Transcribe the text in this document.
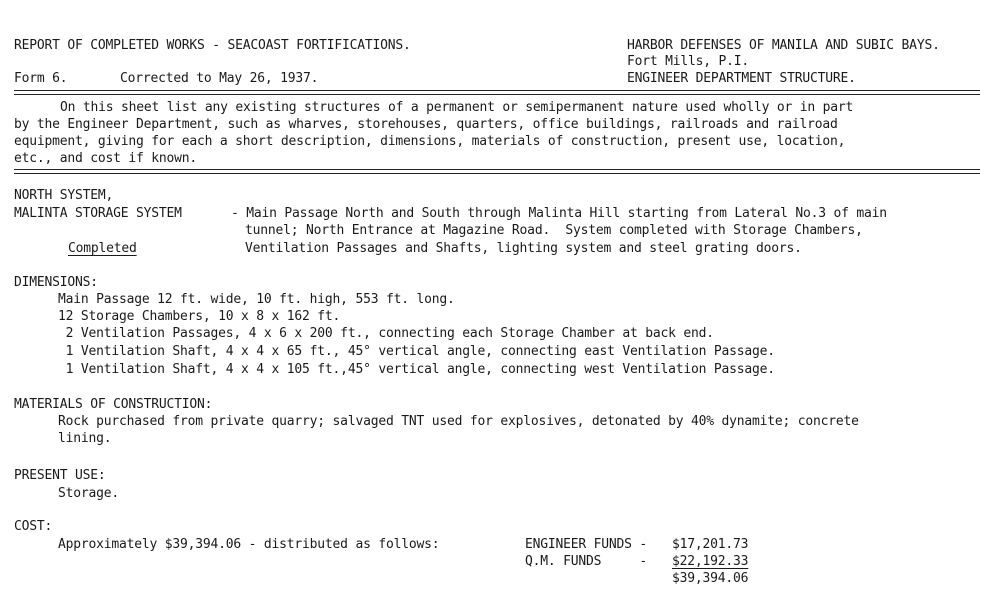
REPORT OF COMPLETED WORKS - SEACOAST FORTIFICATIONS.
Form 6.	Corrected to May 26, 1937.
HARBOR DEFENSES OF MANILA AND SUBIC BAYS.
Fort Mills, P.I.
ENGINEER DEPARTMENT STRUCTURE.
On this sheet list any existing structures of a permanent or semipermanent nature used wholly or in part
by the Engineer Department, such as wharves, storehouses, quarters, office buildings, railroads and railroad
equipment, giving for each a short description, dimensions, materials of construction, present use, location,
etc., and cost if known.
NORTH SYSTEM,
MALINTA STORAGE SYSTEM	- Main Passage North and South through Malinta Hill starting from Lateral No.3 of main
tunnel; North Entrance at Magazine Road.  System completed with Storage Chambers,
Ventilation Passages and Shafts, lighting system and steel grating doors.
Completed
DIMENSIONS:
Main Passage 12 ft. wide, 10 ft. high, 553 ft. long.
12 Storage Chambers, 10 x 8 x 162 ft.
2 Ventilation Passages, 4 x 6 x 200 ft., connecting each Storage Chamber at back end.
1 Ventilation Shaft, 4 x 4 x 65 ft., 45° vertical angle, connecting east Ventilation Passage.
1 Ventilation Shaft, 4 x 4 x 105 ft.,45° vertical angle, connecting west Ventilation Passage.
MATERIALS OF CONSTRUCTION:
Rock purchased from private quarry; salvaged TNT used for explosives, detonated by 40% dynamite; concrete
lining.
PRESENT USE:
Storage.
COST:
Approximately $39,394.06 - distributed as follows:	ENGINEER FUNDS - $17,201.73
Q.M. FUNDS     - $22,192.33
$39,394.06
